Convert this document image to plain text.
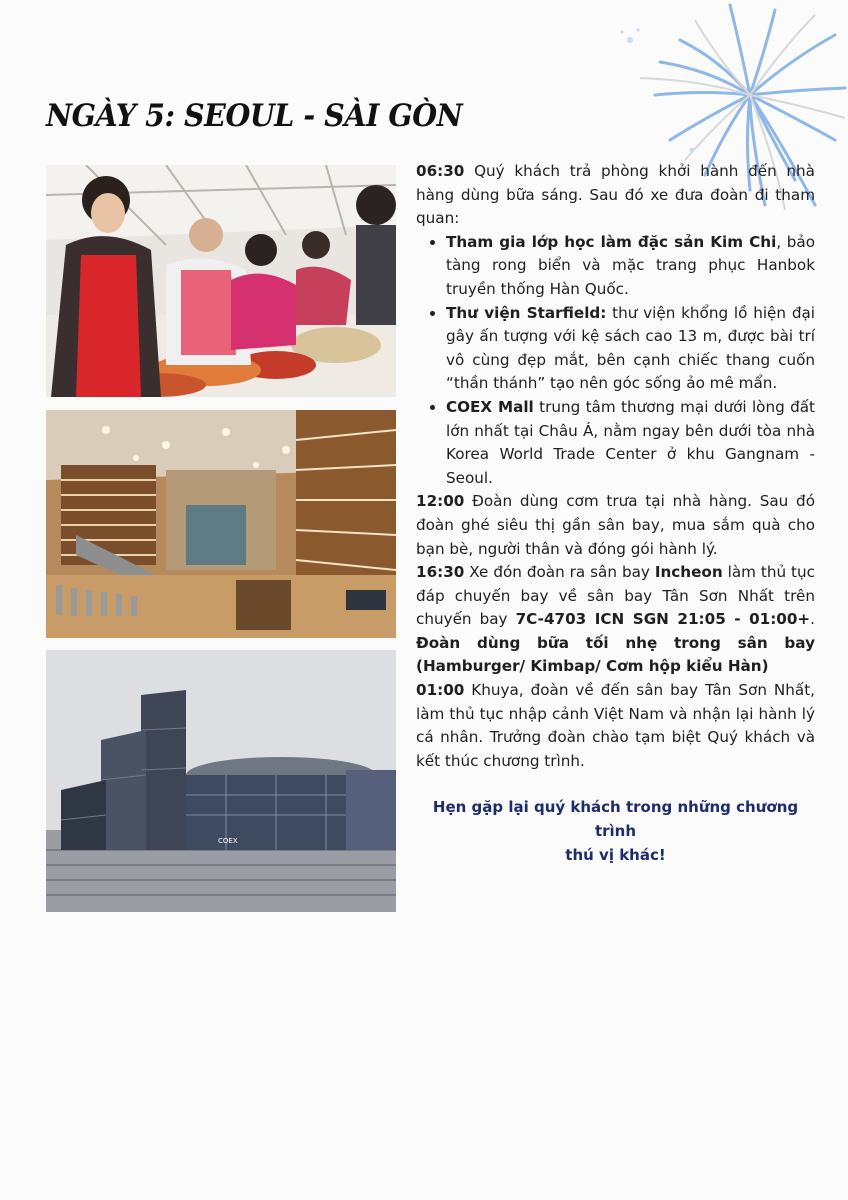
NGÀY 5: SEOUL - SÀI GÒN
COEX

06:30 Quý khách trả phòng khởi hành đến nhà hàng dùng bữa sáng. Sau đó xe đưa đoàn đi tham quan:

• Tham gia lớp học làm đặc sản Kim Chi, bảo tàng rong biển và mặc trang phục Hanbok truyền thống Hàn Quốc.
• Thư viện Starfield: thư viện khổng lồ hiện đại gây ấn tượng với kệ sách cao 13 m, được bài trí vô cùng đẹp mắt, bên cạnh chiếc thang cuốn “thần thánh” tạo nên góc sống ảo mê mẩn.
• COEX Mall trung tâm thương mại dưới lòng đất lớn nhất tại Châu Á, nằm ngay bên dưới tòa nhà Korea World Trade Center ở khu Gangnam - Seoul.

12:00 Đoàn dùng cơm trưa tại nhà hàng. Sau đó đoàn ghé siêu thị gần sân bay, mua sắm quà cho bạn bè, người thân và đóng gói hành lý.

16:30 Xe đón đoàn ra sân bay Incheon làm thủ tục đáp chuyến bay về sân bay Tân Sơn Nhất trên chuyến bay 7C-4703 ICN SGN 21:05 - 01:00+. Đoàn dùng bữa tối nhẹ trong sân bay (Hamburger/ Kimbap/ Cơm hộp kiểu Hàn)

01:00 Khuya, đoàn về đến sân bay Tân Sơn Nhất, làm thủ tục nhập cảnh Việt Nam và nhận lại hành lý cá nhân. Trưởng đoàn chào tạm biệt Quý khách và kết thúc chương trình.

Hẹn gặp lại quý khách trong những chương trình
thú vị khác!
